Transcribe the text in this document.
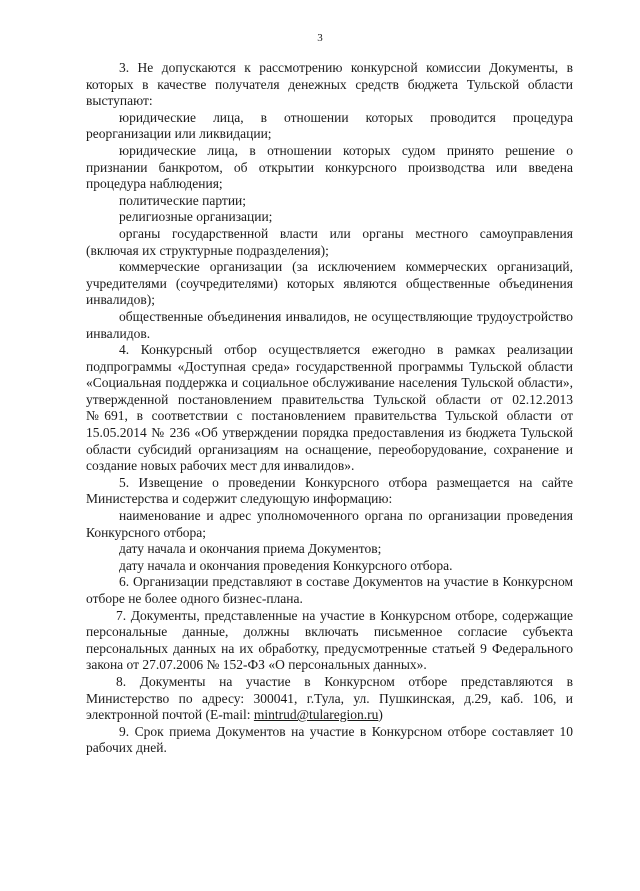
3

3. Не допускаются к рассмотрению конкурсной комиссии Документы, в которых в качестве получателя денежных средств бюджета Тульской области выступают:

юридические лица, в отношении которых проводится процедура реорганизации или ликвидации;

юридические лица, в отношении которых судом принято решение о признании банкротом, об открытии конкурсного производства или введена процедура наблюдения;

политические партии;

религиозные организации;

органы государственной власти или органы местного самоуправления (включая их структурные подразделения);

коммерческие организации (за исключением коммерческих организаций, учредителями (соучредителями) которых являются общественные объединения инвалидов);

общественные объединения инвалидов, не осуществляющие трудоустройство инвалидов.

4. Конкурсный отбор осуществляется ежегодно в рамках реализации подпрограммы «Доступная среда» государственной программы Тульской области «Социальная поддержка и социальное обслуживание населения Тульской области», утвержденной постановлением правительства Тульской области от 02.12.2013 №691, в соответствии с постановлением правительства Тульской области от 15.05.2014 № 236 «Об утверждении порядка предоставления из бюджета Тульской области субсидий организациям на оснащение, переоборудование, сохранение и создание новых рабочих мест для инвалидов».

5. Извещение о проведении Конкурсного отбора размещается на сайте Министерства и содержит следующую информацию:

наименование и адрес уполномоченного органа по организации проведения Конкурсного отбора;

дату начала и окончания приема Документов;

дату начала и окончания проведения Конкурсного отбора.

6. Организации представляют в составе Документов на участие в Конкурсном отборе не более одного бизнес-плана.

7. Документы, представленные на участие в Конкурсном отборе, содержащие персональные данные, должны включать письменное согласие субъекта персональных данных на их обработку, предусмотренные статьей 9 Федерального закона от 27.07.2006 № 152-ФЗ «О персональных данных».

8. Документы на участие в Конкурсном отборе представляются в Министерство по адресу: 300041, г.Тула, ул. Пушкинская, д.29, каб. 106, и электронной почтой (E-mail: mintrud@tularegion.ru)

9. Срок приема Документов на участие в Конкурсном отборе составляет 10 рабочих дней.
